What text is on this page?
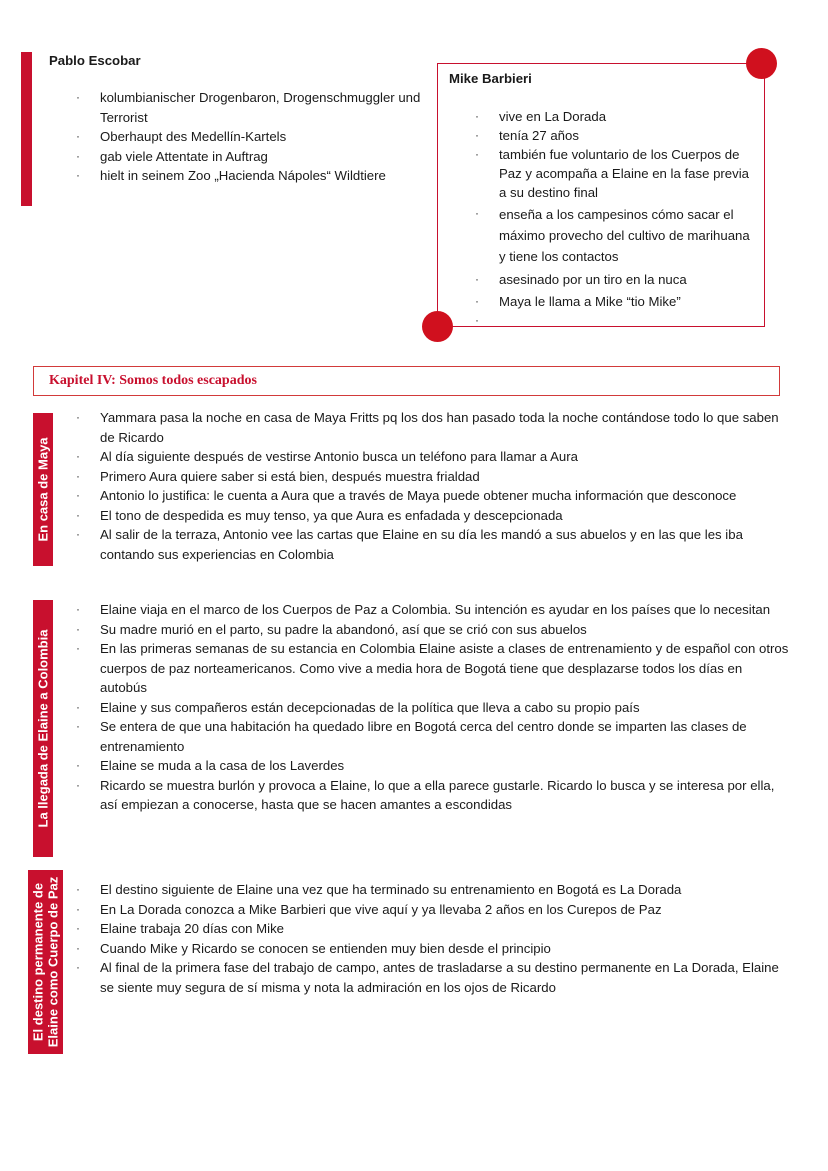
Pablo Escobar
· kolumbianischer Drogenbaron, Drogenschmuggler und Terrorist
· Oberhaupt des Medellín-Kartels
· gab viele Attentate in Auftrag
· hielt in seinem Zoo „Hacienda Nápoles“ Wildtiere
Mike Barbieri
· vive en La Dorada
· tenía 27 años
· también fue voluntario de los Cuerpos de Paz y acompaña a Elaine en la fase previa a su destino final
· enseña a los campesinos cómo sacar el máximo provecho del cultivo de marihuana y tiene los contactos
· asesinado por un tiro en la nuca
· Maya le llama a Mike “tio Mike”
·
Kapitel IV: Somos todos escapados
En casa de Maya
· Yammara pasa la noche en casa de Maya Fritts pq los dos han pasado toda la noche contándose todo lo que saben de Ricardo
· Al día siguiente después de vestirse Antonio busca un teléfono para llamar a Aura
· Primero Aura quiere saber si está bien, después muestra frialdad
· Antonio lo justifica: le cuenta a Aura que a través de Maya puede obtener mucha información que desconoce
· El tono de despedida es muy tenso, ya que Aura es enfadada y descepcionada
· Al salir de la terraza, Antonio vee las cartas que Elaine en su día les mandó a sus abuelos y en las que les iba contando sus experiencias en Colombia
La llegada de Elaine a Colombia
· Elaine viaja en el marco de los Cuerpos de Paz a Colombia. Su intención es ayudar en los países que lo necesitan
· Su madre murió en el parto, su padre la abandonó, así que se crió con sus abuelos
· En las primeras semanas de su estancia en Colombia Elaine asiste a clases de entrenamiento y de español con otros cuerpos de paz norteamericanos. Como vive a media hora de Bogotá tiene que desplazarse todos los días en autobús
· Elaine y sus compañeros están decepcionadas de la política que lleva a cabo su propio país
· Se entera de que una habitación ha quedado libre en Bogotá cerca del centro donde se imparten las clases de entrenamiento
· Elaine se muda a la casa de los Laverdes
· Ricardo se muestra burlón y provoca a Elaine, lo que a ella parece gustarle. Ricardo lo busca y se interesa por ella, así empiezan a conocerse, hasta que se hacen amantes a escondidas
El destino permanente de Elaine como Cuerpo de Paz · El destino siguiente de Elaine una vez que ha terminado su entrenamiento en Bogotá es La Dorada
· En La Dorada conozca a Mike Barbieri que vive aquí y ya llevaba 2 años en los Curepos de Paz
· Elaine trabaja 20 días con Mike
· Cuando Mike y Ricardo se conocen se entienden muy bien desde el principio
· Al final de la primera fase del trabajo de campo, antes de trasladarse a su destino permanente en La Dorada, Elaine se siente muy segura de sí misma y nota la admiración en los ojos de Ricardo
